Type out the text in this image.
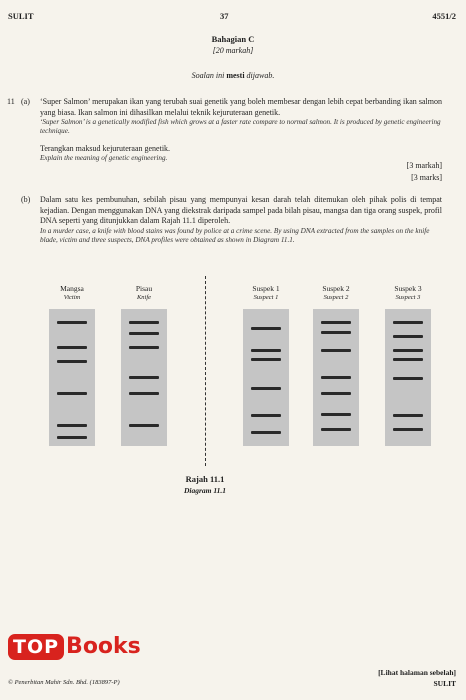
SULIT	37	4551/2
Bahagian C
[20 markah]
Soalan ini mesti dijawab.
11 (a) ‘Super Salmon’ merupakan ikan yang terubah suai genetik yang boleh membesar dengan lebih cepat berbanding ikan salmon yang biasa. Ikan salmon ini dihasilkan melalui teknik kejuruteraan genetik.

‘Super Salmon’ is a genetically modified fish which grows at a faster rate compare to normal salmon. It is produced by genetic engineering technique.

Terangkan maksud kejuruteraan genetik.

Explain the meaning of genetic engineering.

[3 markah]
[3 marks]
(b) Dalam satu kes pembunuhan, sebilah pisau yang mempunyai kesan darah telah ditemukan oleh pihak polis di tempat kejadian. Dengan menggunakan DNA yang diekstrak daripada sampel pada bilah pisau, mangsa dan tiga orang suspek, profil DNA seperti yang ditunjukkan dalam Rajah 11.1 diperoleh.

In a murder case, a knife with blood stains was found by police at a crime scene. By using DNA extracted from the samples on the knife blade, victim and three suspects, DNA profiles were obtained as shown in Diagram 11.1.

Mangsa
Victim
Pisau
Knife
Suspek 1
Suspect 1
Suspek 2
Suspect 2
Suspek 3
Suspect 3
Rajah 11.1
Diagram 11.1
TOP Books
© Penerbitan Mahir Sdn. Bhd. (183897-P)
[Lihat halaman sebelah]
SULIT
